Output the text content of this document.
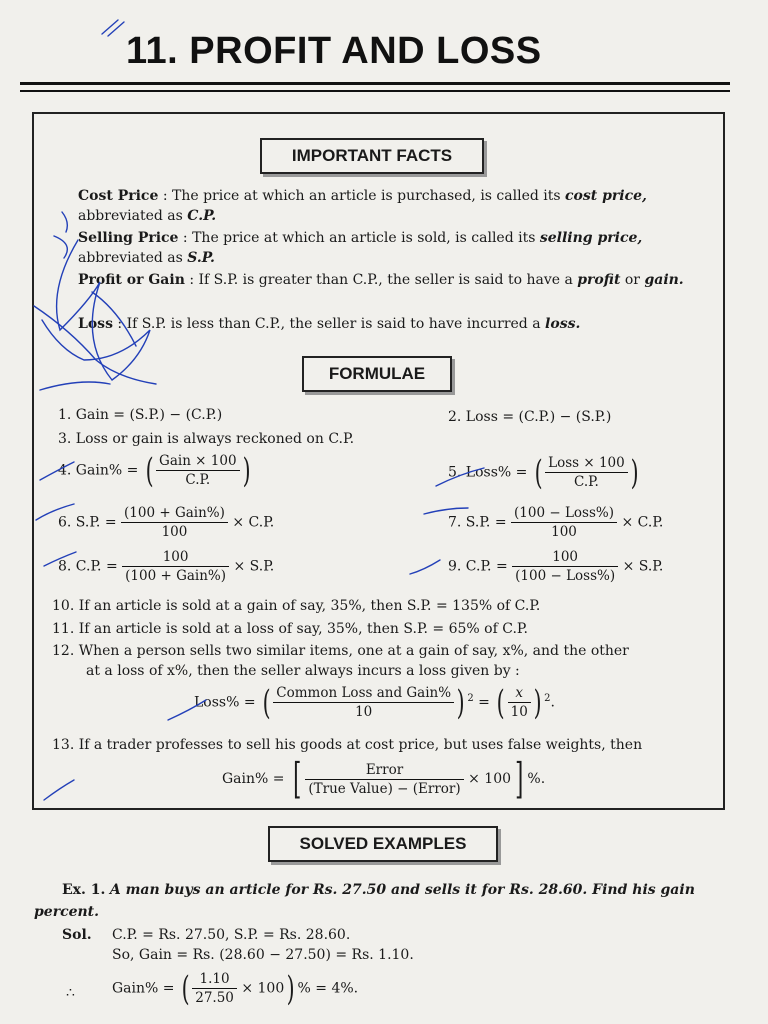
11. PROFIT AND LOSS
IMPORTANT FACTS
Cost Price : The price at which an article is purchased, is called its cost price, abbreviated as C.P.
Selling Price : The price at which an article is sold, is called its selling price, abbreviated as S.P.
Profit or Gain : If S.P. is greater than C.P., the seller is said to have a profit or gain.
Loss : If S.P. is less than C.P., the seller is said to have incurred a loss.
FORMULAE
1. Gain = (S.P.) − (C.P.)	2. Loss = (C.P.) − (S.P.)
3. Loss or gain is always reckoned on C.P.
4. Gain% = ( $\frac{\text{Gain × 100}}{C.P.}$ )	5. Loss% = ( $\frac{\text{Loss × 100}}{C.P.}$ )
6. S.P. = $\frac{\text{(100 + Gain\%)}}{100} \times C.P$.	7. S.P. = $\frac{\text{(100 − Loss\%)}}{100} \times C.P$.
8. C.P. = $\frac{100}{\text{(100 + Gain\%)}} \times S.P$.	9. C.P. = $\frac{100}{\text{(100 − Loss\%)}} \times S.P$.
10. If an article is sold at a gain of say, 35%, then S.P. = 135% of C.P.
11. If an article is sold at a loss of say, 35%, then S.P. = 65% of C.P.
12. When a person sells two similar items, one at a gain of say, x%, and the other
at a loss of x%, then the seller always incurs a loss given by :
Loss% = ( $\frac{\text{Common Loss and Gain\%}}{10}$ ) $^2$ = ( $\frac{x}{10}$ ) $^2$.
13. If a trader professes to sell his goods at cost price, but uses false weights, then
Gain% = [ $\frac{\text{Error}}{\text{(True Value) − (Error)}} \times 100$] %.
SOLVED EXAMPLES
Ex. 1. A man buys an article for Rs. 27.50 and sells it for Rs. 28.60. Find his gain
percent.
Sol. C.P. = Rs. 27.50, S.P. = Rs. 28.60.
So, Gain = Rs. (28.60 − 27.50) = Rs. 1.10.
∴	Gain% = ( $\frac{1.10}{27.50} \times 100$) % = 4%.
